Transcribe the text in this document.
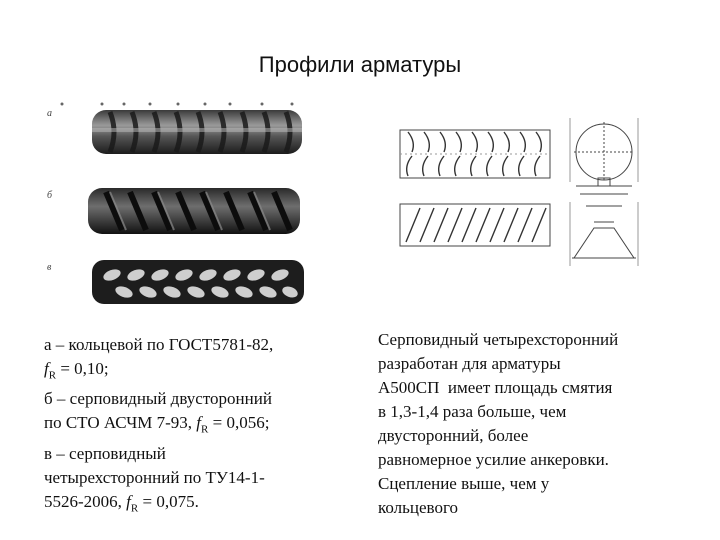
Профили арматуры
а
б
в
а – кольцевой по ГОСТ5781-82,
$f_R = 0,10$;
б – серповидный двусторонний
по СТО АСЧМ 7-93, $f_R = 0,056$;
в – серповидный
четырехсторонний по ТУ14-1-
5526-2006, $f_R = 0,075$.
Серповидный четырехсторонний
разработан для арматуры
А500СП  имеет площадь смятия
в 1,3-1,4 раза больше, чем
двусторонний, более
равномерное усилие анкеровки.
Сцепление выше, чем у
кольцевого
